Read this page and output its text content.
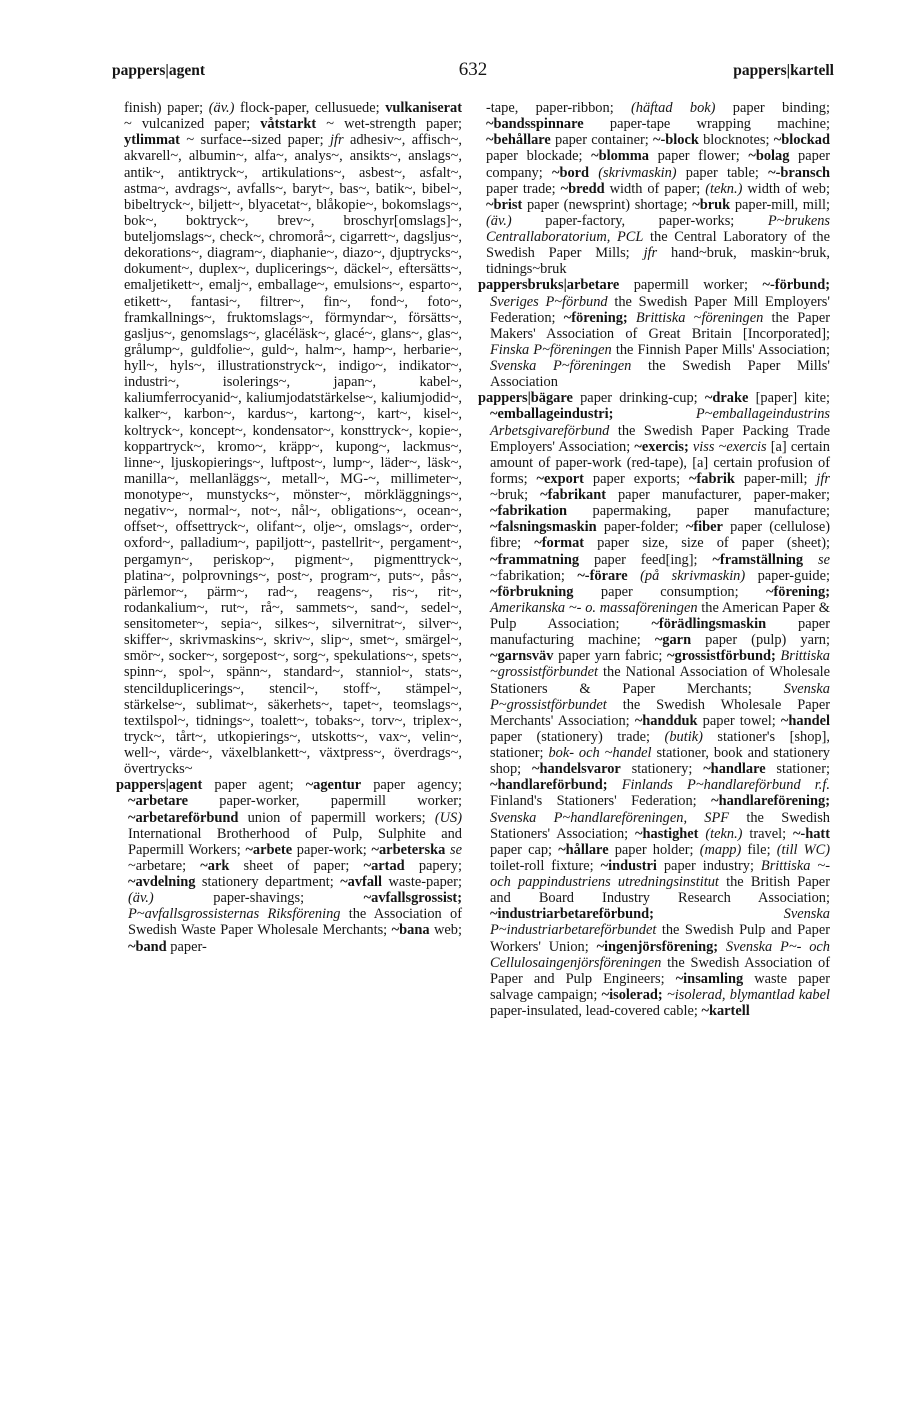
pappers|agent	632	pappers|kartell

finish) paper; (äv.) flock-paper, cellusuede; vulkaniserat ~ vulcanized paper; våtstarkt ~ wet-strength paper; ytlimmat ~ surface--sized paper; jfr adhesiv~, affisch~, akvarell~, albumin~, alfa~, analys~, ansikts~, anslags~, antik~, antiktryck~, artikulations~, asbest~, asfalt~, astma~, avdrags~, avfalls~, baryt~, bas~, batik~, bibel~, bibeltryck~, biljett~, blyacetat~, blåkopie~, bokomslags~, bok~, boktryck~, brev~, broschyr[omslags]~, buteljomslags~, check~, chromorå~, cigarrett~, dagsljus~, dekorations~, diagram~, diaphanie~, diazo~, djuptrycks~, dokument~, duplex~, duplicerings~, däckel~, eftersätts~, emaljetikett~, emalj~, emballage~, emulsions~, esparto~, etikett~, fantasi~, filtrer~, fin~, fond~, foto~, framkallnings~, fruktomslags~, förmyndar~, försätts~, gasljus~, genomslags~, glacéläsk~, glacé~, glans~, glas~, grålump~, guldfolie~, guld~, halm~, hamp~, herbarie~, hyll~, hyls~, illustrationstryck~, indigo~, indikator~, industri~, isolerings~, japan~, kabel~, kaliumferrocyanid~, kaliumjodatstärkelse~, kaliumjodid~, kalker~, karbon~, kardus~, kartong~, kart~, kisel~, koltryck~, koncept~, kondensator~, konsttryck~, kopie~, koppartryck~, kromo~, kräpp~, kupong~, lackmus~, linne~, ljuskopierings~, luftpost~, lump~, läder~, läsk~, manilla~, mellanläggs~, metall~, MG-~, millimeter~, monotype~, munstycks~, mönster~, mörkläggnings~, negativ~, normal~, not~, nål~, obligations~, ocean~, offset~, offsettryck~, olifant~, olje~, omslags~, order~, oxford~, palladium~, papiljott~, pastellrit~, pergament~, pergamyn~, periskop~, pigment~, pigmenttryck~, platina~, polprovnings~, post~, program~, puts~, pås~, pärlemor~, pärm~, rad~, reagens~, ris~, rit~, rodankalium~, rut~, rå~, sammets~, sand~, sedel~, sensitometer~, sepia~, silkes~, silvernitrat~, silver~, skiffer~, skrivmaskins~, skriv~, slip~, smet~, smärgel~, smör~, socker~, sorgepost~, sorg~, spekulations~, spets~, spinn~, spol~, spänn~, standard~, stanniol~, stats~, stencilduplicerings~, stencil~, stoff~, stämpel~, stärkelse~, sublimat~, säkerhets~, tapet~, teomslags~, textilspol~, tidnings~, toalett~, tobaks~, torv~, triplex~, tryck~, tårt~, utkopierings~, utskotts~, vax~, velin~, well~, värde~, växelblankett~, växtpress~, överdrags~, övertrycks~

pappers|agent paper agent; ~agentur paper agency; ~arbetare paper-worker, papermill worker; ~arbetareförbund union of papermill workers; (US) International Brotherhood of Pulp, Sulphite and Papermill Workers; ~arbete paper-work; ~arbeterska se ~arbetare; ~ark sheet of paper; ~artad papery; ~avdelning stationery department; ~avfall waste-paper; (äv.) paper-shavings; ~avfallsgrossist; P~avfallsgrossisternas Riksförening the Association of Swedish Waste Paper Wholesale Merchants; ~bana web; ~band paper-

-tape, paper-ribbon; (häftad bok) paper binding; ~bandsspinnare paper-tape wrapping machine; ~behållare paper container; ~-block blocknotes; ~blockad paper blockade; ~blomma paper flower; ~bolag paper company; ~bord (skrivmaskin) paper table; ~-bransch paper trade; ~bredd width of paper; (tekn.) width of web; ~brist paper (newsprint) shortage; ~bruk paper-mill, mill; (äv.) paper-factory, paper-works; P~brukens Centrallaboratorium, PCL the Central Laboratory of the Swedish Paper Mills; jfr hand~bruk, maskin~bruk, tidnings~bruk

pappersbruks|arbetare papermill worker; ~-förbund; Sveriges P~förbund the Swedish Paper Mill Employers' Federation; ~förening; Brittiska ~föreningen the Paper Makers' Association of Great Britain [Incorporated]; Finska P~föreningen the Finnish Paper Mills' Association; Svenska P~föreningen the Swedish Paper Mills' Association

pappers|bägare paper drinking-cup; ~drake [paper] kite; ~emballageindustri;	P~emballageindustrins Arbetsgivareförbund the Swedish Paper Packing Trade Employers' Association; ~exercis; viss ~exercis [a] certain amount of paper-work (red-tape), [a] certain profusion of forms; ~export paper exports; ~fabrik paper-mill; jfr ~bruk; ~fabrikant paper manufacturer, paper-maker; ~fabrikation papermaking, paper manufacture; ~falsningsmaskin paper-folder; ~fiber paper (cellulose) fibre; ~format paper size, size of paper (sheet); ~frammatning paper feed[ing]; ~framställning se ~fabrikation; ~-förare (på skrivmaskin) paper-guide; ~förbrukning paper consumption; ~förening; Amerikanska ~- o. massaföreningen the American Paper & Pulp Association; ~förädlingsmaskin paper manufacturing machine; ~garn paper (pulp) yarn; ~garnsväv paper yarn fabric; ~grossistförbund; Brittiska ~grossistförbundet the National Association of Wholesale Stationers & Paper Merchants; Svenska P~grossistförbundet the Swedish Wholesale Paper Merchants' Association; ~handduk paper towel; ~handel paper (stationery) trade; (butik) stationer's [shop], stationer; bok- och ~handel stationer, book and stationery shop; ~handelsvaror stationery; ~handlare stationer; ~handlareförbund; Finlands P~handlareförbund r.f. Finland's Stationers' Federation; ~handlareförening; Svenska P~handlareföreningen, SPF the Swedish Stationers' Association; ~hastighet (tekn.) travel; ~-hatt paper cap; ~hållare paper holder; (mapp) file; (till WC) toilet-roll fixture; ~industri paper industry; Brittiska ~- och pappindustriens utredningsinstitut the British Paper and Board Industry Research Association; ~industriarbetareförbund;	Svenska P~industriarbetareförbundet the Swedish Pulp and Paper Workers' Union; ~ingenjörsförening; Svenska P~- och Cellulosaingenjörsföreningen the Swedish Association of Paper and Pulp Engineers; ~insamling waste paper salvage campaign; ~isolerad; ~isolerad, blymantlad kabel paper-insulated, lead-covered cable; ~kartell
